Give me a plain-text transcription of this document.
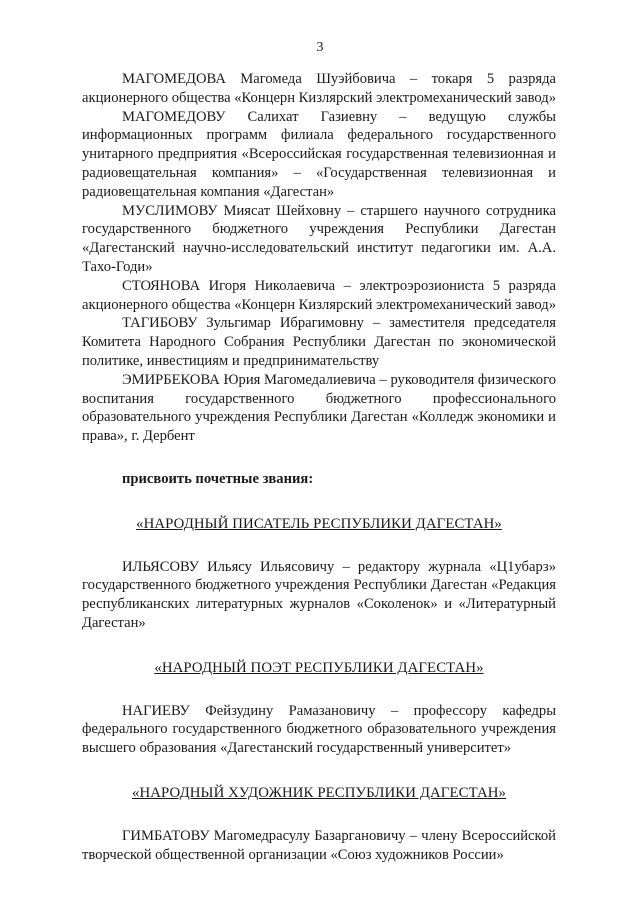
3

МАГОМЕДОВА Магомеда Шуэйбовича – токаря 5 разряда акционерного общества «Концерн Кизлярский электромеханический завод»

МАГОМЕДОВУ Салихат Газиевну – ведущую службы информационных программ филиала федерального государственного унитарного предприятия «Всероссийская государственная телевизионная и радиовещательная компания» – «Государственная телевизионная и радиовещательная компания «Дагестан»

МУСЛИМОВУ Миясат Шейховну – старшего научного сотрудника государственного бюджетного учреждения Республики Дагестан «Дагестанский научно-исследовательский институт педагогики им. А.А. Тахо-Годи»

СТОЯНОВА Игоря Николаевича – электроэрозиониста 5 разряда акционерного общества «Концерн Кизлярский электромеханический завод»

ТАГИБОВУ Зульгимар Ибрагимовну – заместителя председателя Комитета Народного Собрания Республики Дагестан по экономической политике, инвестициям и предпринимательству

ЭМИРБЕКОВА Юрия Магомедалиевича – руководителя физического воспитания государственного бюджетного профессионального образовательного учреждения Республики Дагестан «Колледж экономики и права», г. Дербент

присвоить почетные звания:

«НАРОДНЫЙ ПИСАТЕЛЬ РЕСПУБЛИКИ ДАГЕСТАН»

ИЛЬЯСОВУ Ильясу Ильясовичу – редактору журнала «Ц1убарз» государственного бюджетного учреждения Республики Дагестан «Редакция республиканских литературных журналов «Соколенок» и «Литературный Дагестан»

«НАРОДНЫЙ ПОЭТ РЕСПУБЛИКИ ДАГЕСТАН»

НАГИЕВУ Фейзудину Рамазановичу – профессору кафедры федерального государственного бюджетного образовательного учреждения высшего образования «Дагестанский государственный университет»

«НАРОДНЫЙ ХУДОЖНИК РЕСПУБЛИКИ ДАГЕСТАН»

ГИМБАТОВУ Магомедрасулу Базаргановичу – члену Всероссийской творческой общественной организации «Союз художников России»
